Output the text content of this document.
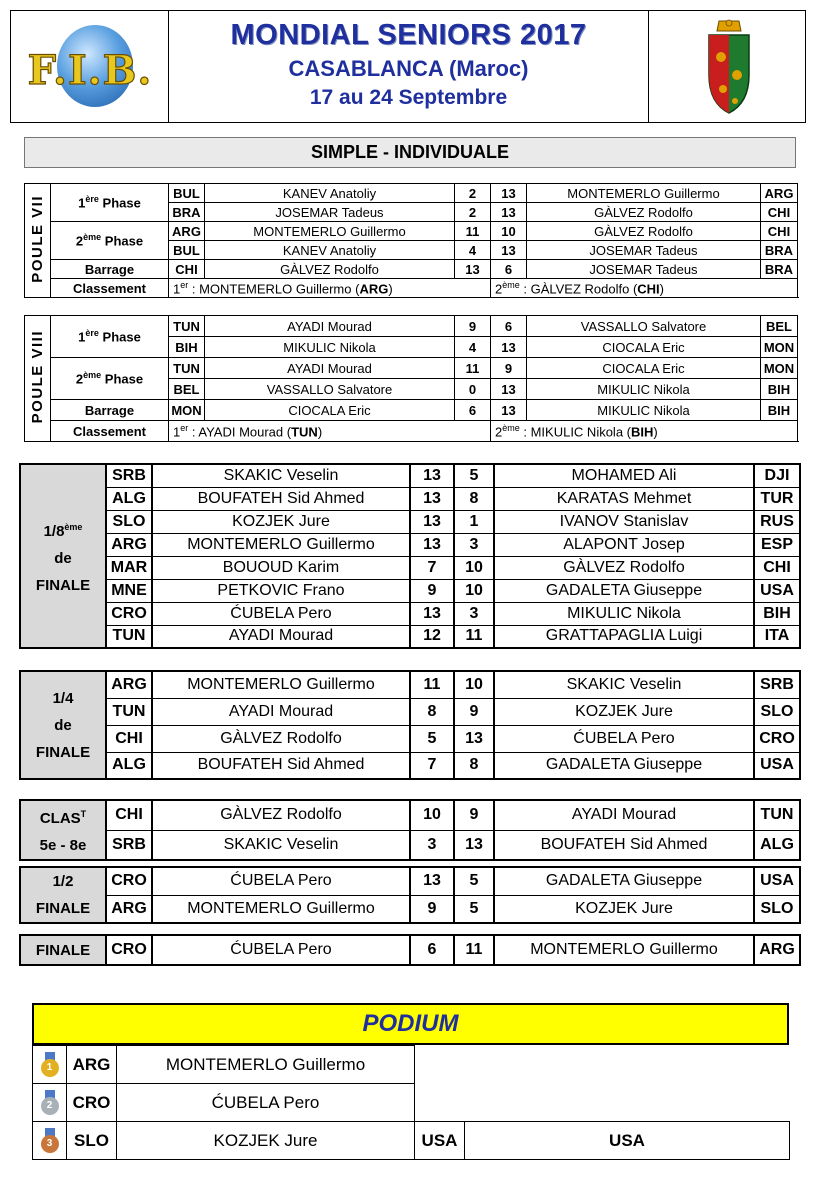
F.I.B.
MONDIAL SENIORS 2017
CASABLANCA (Maroc)
17 au 24 Septembre
SIMPLE - INDIVIDUALE
POULE VII	1ère Phase	BUL	KANEV Anatoliy	2	13	MONTEMERLO Guillermo	ARG
		BRA	JOSEMAR Tadeus	2	13	GÀLVEZ Rodolfo	CHI
	2ème Phase	ARG	MONTEMERLO Guillermo	11	10	GÀLVEZ Rodolfo	CHI
		BUL	KANEV Anatoliy	4	13	JOSEMAR Tadeus	BRA
	Barrage	CHI	GÀLVEZ Rodolfo	13	6	JOSEMAR Tadeus	BRA
	Classement	1er : MONTEMERLO Guillermo (ARG)			2ème : GÀLVEZ Rodolfo (CHI)		
POULE VIII	1ère Phase	TUN	AYADI Mourad	9	6	VASSALLO Salvatore	BEL
		BIH	MIKULIC Nikola	4	13	CIOCALA Eric	MON
	2ème Phase	TUN	AYADI Mourad	11	9	CIOCALA Eric	MON
		BEL	VASSALLO Salvatore	0	13	MIKULIC Nikola	BIH
	Barrage	MON	CIOCALA Eric	6	13	MIKULIC Nikola	BIH
	Classement	1er : AYADI Mourad (TUN)			2ème : MIKULIC Nikola (BIH)		
1/8ème
de
FINALE	SRB	SKAKIC Veselin	13	5	MOHAMED Ali	DJI
	ALG	BOUFATEH Sid Ahmed	13	8	KARATAS Mehmet	TUR
	SLO	KOZJEK Jure	13	1	IVANOV Stanislav	RUS
	ARG	MONTEMERLO Guillermo	13	3	ALAPONT Josep	ESP
	MAR	BOUOUD Karim	7	10	GÀLVEZ Rodolfo	CHI
	MNE	PETKOVIC Frano	9	10	GADALETA Giuseppe	USA
	CRO	ĆUBELA Pero	13	3	MIKULIC Nikola	BIH
	TUN	AYADI Mourad	12	11	GRATTAPAGLIA Luigi	ITA
1/4
de
FINALE	ARG	MONTEMERLO Guillermo	11	10	SKAKIC Veselin	SRB
	TUN	AYADI Mourad	8	9	KOZJEK Jure	SLO
	CHI	GÀLVEZ Rodolfo	5	13	ĆUBELA Pero	CRO
	ALG	BOUFATEH Sid Ahmed	7	8	GADALETA Giuseppe	USA
$CLAS^T$
5e - 8e	CHI	GÀLVEZ Rodolfo	10	9	AYADI Mourad	TUN
	SRB	SKAKIC Veselin	3	13	BOUFATEH Sid Ahmed	ALG
1/2
FINALE	CRO	ĆUBELA Pero	13	5	GADALETA Giuseppe	USA
	ARG	MONTEMERLO Guillermo	9	5	KOZJEK Jure	SLO
FINALE	CRO	ĆUBELA Pero	6	11	MONTEMERLO Guillermo	ARG
PODIUM
1	ARG	MONTEMERLO Guillermo		

2	CRO	ĆUBELA Pero		

3	SLO	KOZJEK Jure	USA	USA
